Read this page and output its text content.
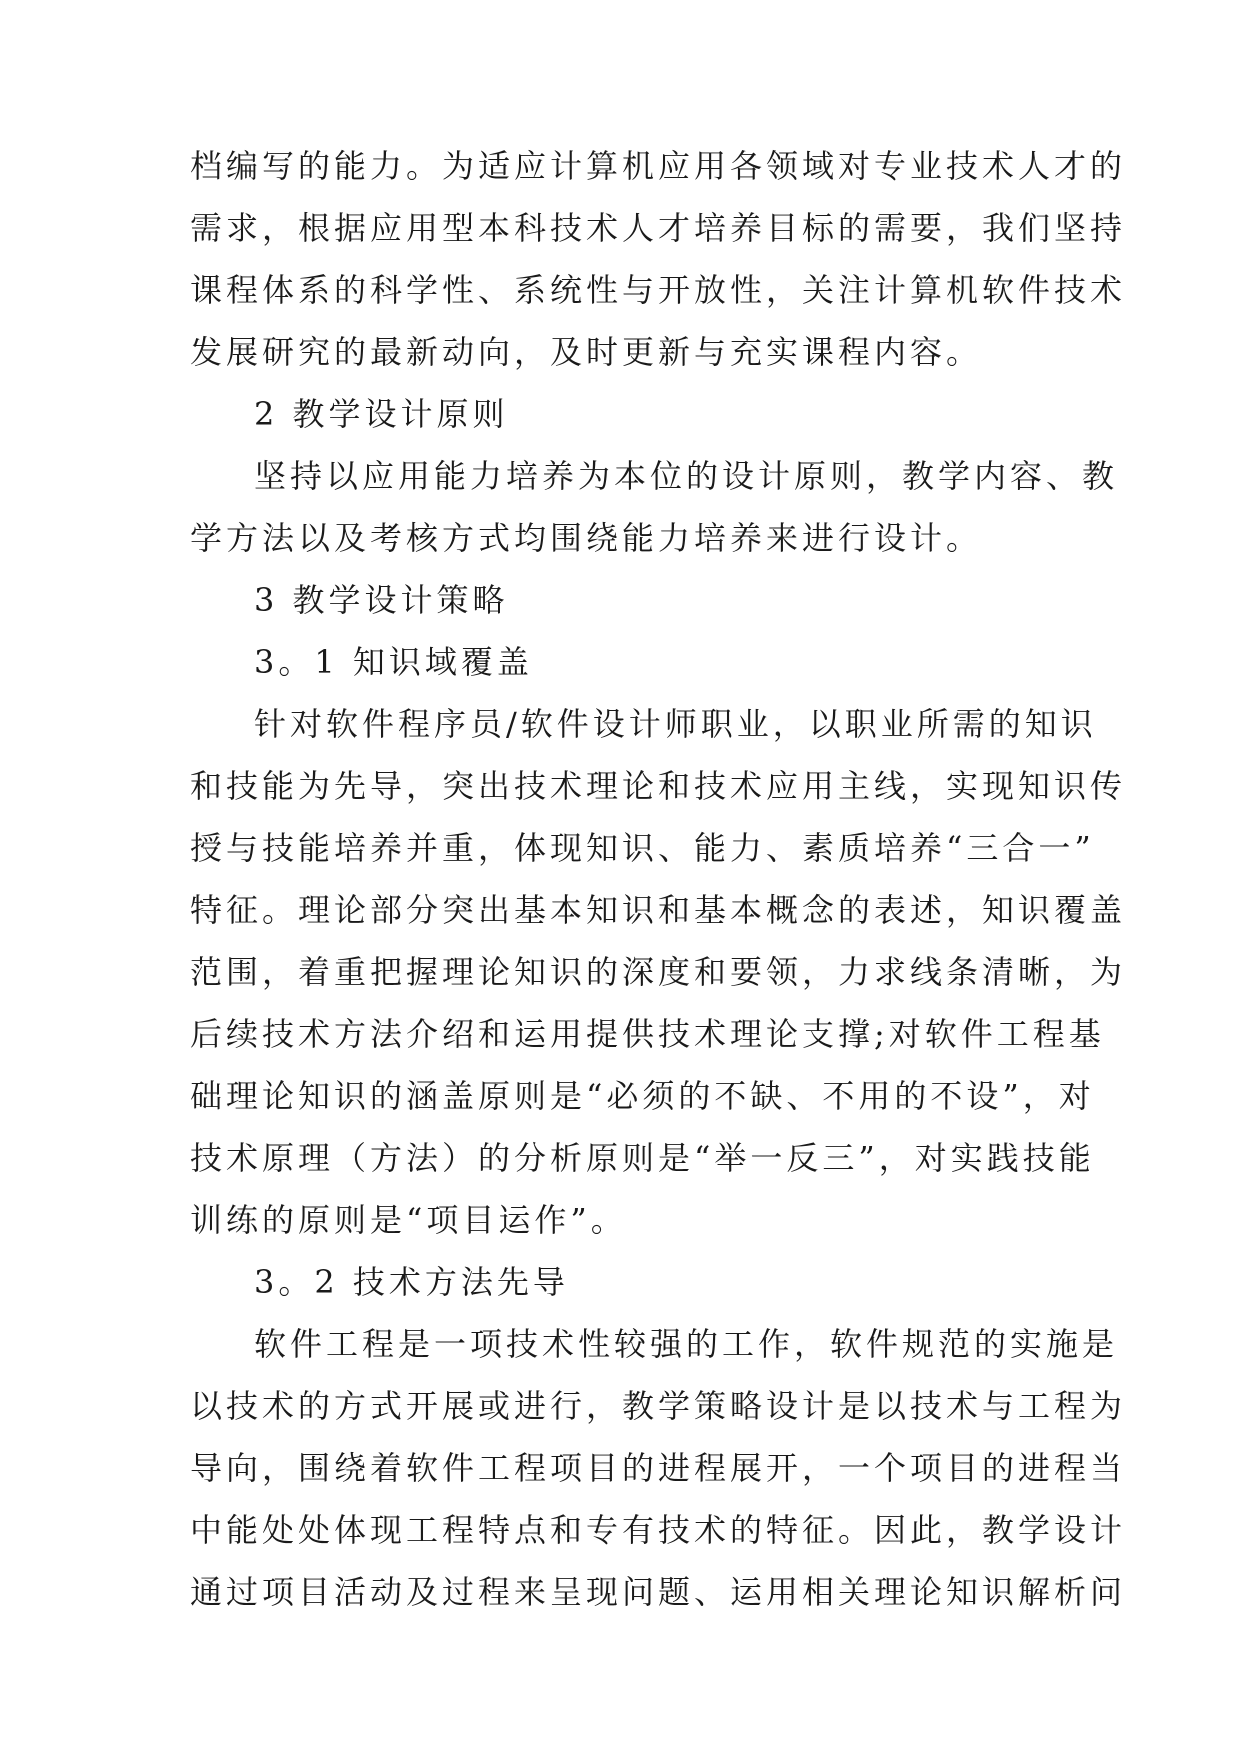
档编写的能力。为适应计算机应用各领域对专业技术人才的
需求，根据应用型本科技术人才培养目标的需要，我们坚持
课程体系的科学性、系统性与开放性，关注计算机软件技术
发展研究的最新动向，及时更新与充实课程内容。
2 教学设计原则
坚持以应用能力培养为本位的设计原则，教学内容、教
学方法以及考核方式均围绕能力培养来进行设计。
3 教学设计策略
3。1 知识域覆盖
针对软件程序员/软件设计师职业，以职业所需的知识
和技能为先导，突出技术理论和技术应用主线，实现知识传
授与技能培养并重，体现知识、能力、素质培养“三合一”
特征。理论部分突出基本知识和基本概念的表述，知识覆盖
范围，着重把握理论知识的深度和要领，力求线条清晰，为
后续技术方法介绍和运用提供技术理论支撑;对软件工程基
础理论知识的涵盖原则是“必须的不缺、不用的不设”，对
技术原理（方法）的分析原则是“举一反三”，对实践技能
训练的原则是“项目运作”。
3。2 技术方法先导
软件工程是一项技术性较强的工作，软件规范的实施是
以技术的方式开展或进行，教学策略设计是以技术与工程为
导向，围绕着软件工程项目的进程展开，一个项目的进程当
中能处处体现工程特点和专有技术的特征。因此，教学设计
通过项目活动及过程来呈现问题、运用相关理论知识解析问
